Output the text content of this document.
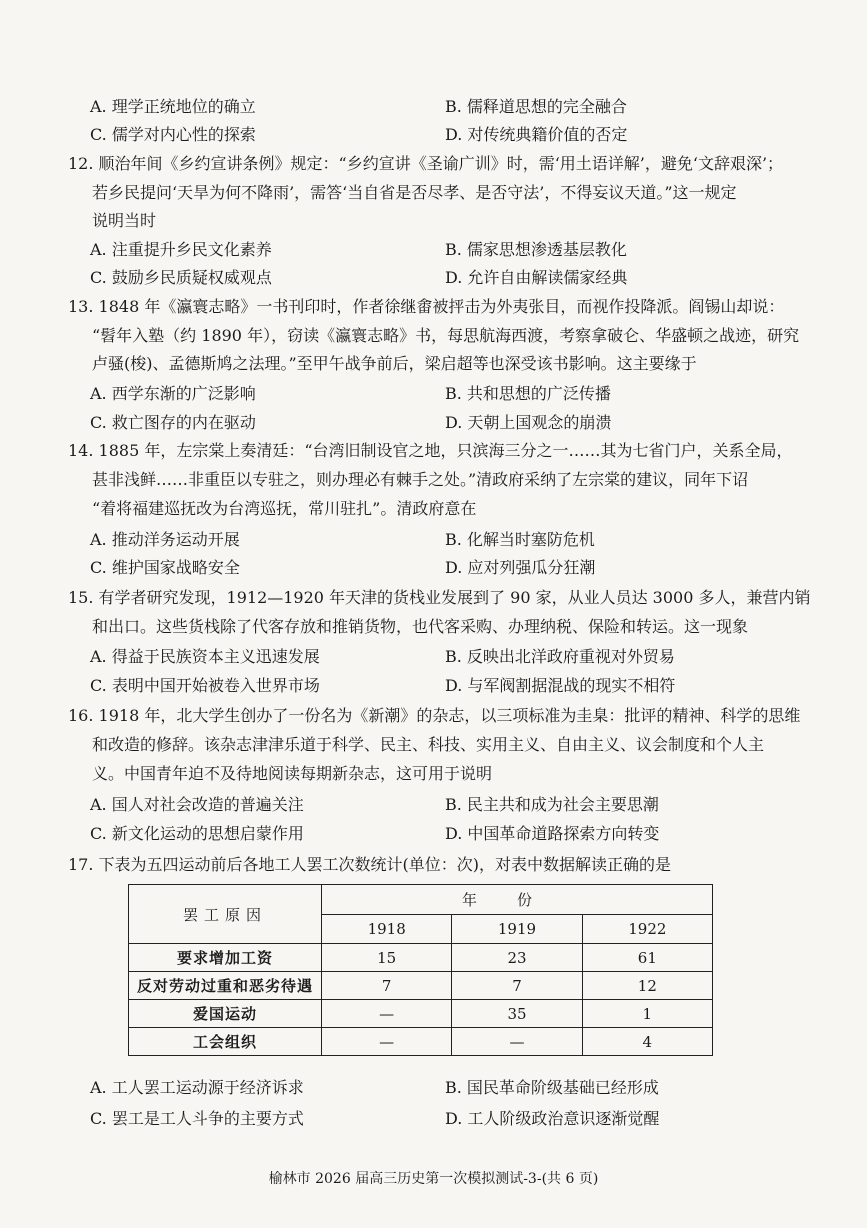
A. 理学正统地位的确立	B. 儒释道思想的完全融合
C. 儒学对内心性的探索	D. 对传统典籍价值的否定
12. 顺治年间《乡约宣讲条例》规定：“乡约宣讲《圣谕广训》时，需‘用土语详解’，避免‘文辞艰深’；
若乡民提问‘天旱为何不降雨’，需答‘当自省是否尽孝、是否守法’，不得妄议天道。”这一规定
说明当时
A. 注重提升乡民文化素养	B. 儒家思想渗透基层教化
C. 鼓励乡民质疑权威观点	D. 允许自由解读儒家经典
13. 1848 年《瀛寰志略》一书刊印时，作者徐继畬被抨击为外夷张目，而视作投降派。阎锡山却说：
“髫年入塾（约 1890 年），窃读《瀛寰志略》书，每思航海西渡，考察拿破仑、华盛顿之战迹，研究
卢骚(梭)、孟德斯鸠之法理。”至甲午战争前后，梁启超等也深受该书影响。这主要缘于
A. 西学东渐的广泛影响	B. 共和思想的广泛传播
C. 救亡图存的内在驱动	D. 天朝上国观念的崩溃
14. 1885 年，左宗棠上奏清廷：“台湾旧制设官之地，只滨海三分之一……其为七省门户，关系全局，
甚非浅鲜……非重臣以专驻之，则办理必有棘手之处。”清政府采纳了左宗棠的建议，同年下诏
“着将福建巡抚改为台湾巡抚，常川驻扎”。清政府意在
A. 推动洋务运动开展	B. 化解当时塞防危机
C. 维护国家战略安全	D. 应对列强瓜分狂潮
15. 有学者研究发现，1912—1920 年天津的货栈业发展到了 90 家，从业人员达 3000 多人，兼营内销
和出口。这些货栈除了代客存放和推销货物，也代客采购、办理纳税、保险和转运。这一现象
A. 得益于民族资本主义迅速发展	B. 反映出北洋政府重视对外贸易
C. 表明中国开始被卷入世界市场	D. 与军阀割据混战的现实不相符
16. 1918 年，北大学生创办了一份名为《新潮》的杂志，以三项标准为圭臬：批评的精神、科学的思维
和改造的修辞。该杂志津津乐道于科学、民主、科技、实用主义、自由主义、议会制度和个人主
义。中国青年迫不及待地阅读每期新杂志，这可用于说明
A. 国人对社会改造的普遍关注	B. 民主共和成为社会主要思潮
C. 新文化运动的思想启蒙作用	D. 中国革命道路探索方向转变
17. 下表为五四运动前后各地工人罢工次数统计(单位：次)，对表中数据解读正确的是
罢工原因	年份		
	1918	1919	1922
要求增加工资	15	23	61
反对劳动过重和恶劣待遇	7	7	12
爱国运动	—	35	1
工会组织	—	—	4
A. 工人罢工运动源于经济诉求	B. 国民革命阶级基础已经形成
C. 罢工是工人斗争的主要方式	D. 工人阶级政治意识逐渐觉醒
榆林市 2026 届高三历史第一次模拟测试-3-(共 6 页)
